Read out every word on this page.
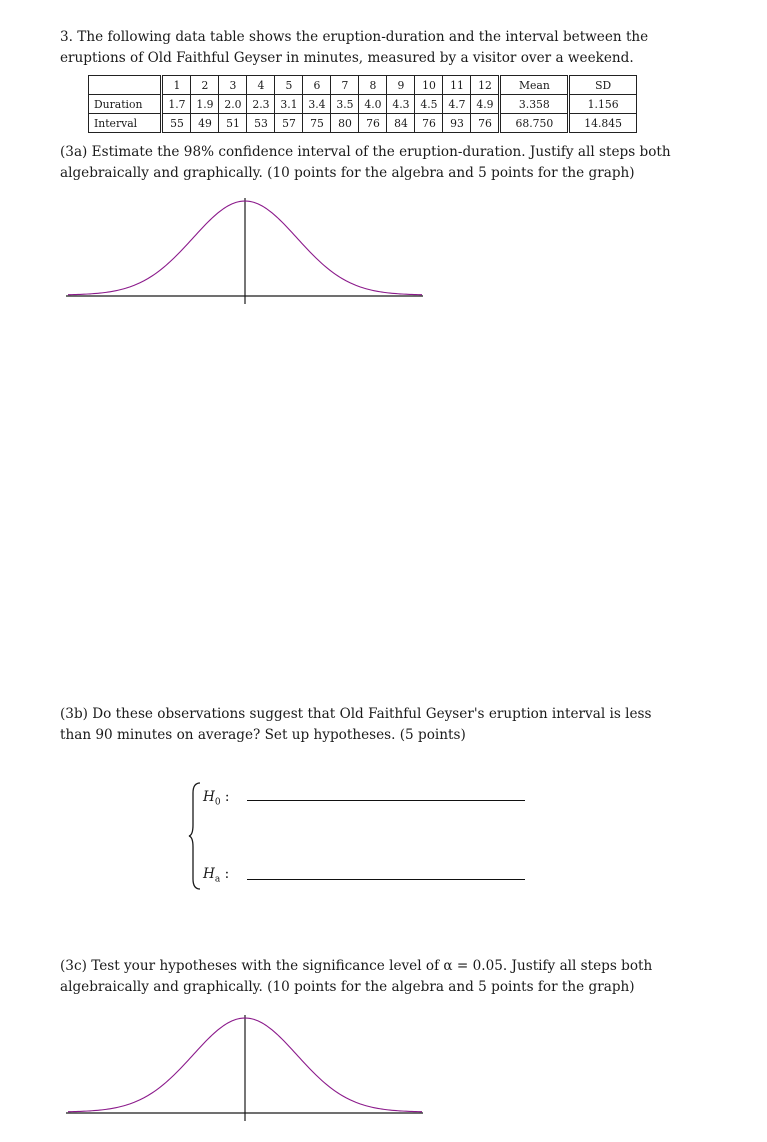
3. The following data table shows the eruption-duration and the interval between the eruptions of Old Faithful Geyser in minutes, measured by a visitor over a weekend.

	1	2	3	4	5	6	7	8	9	10	11	12	Mean	SD
Duration	1.7	1.9	2.0	2.3	3.1	3.4	3.5	4.0	4.3	4.5	4.7	4.9	3.358	1.156
Interval	55	49	51	53	57	75	80	76	84	76	93	76	68.750	14.845

(3a) Estimate the 98% confidence interval of the eruption-duration. Justify all steps both algebraically and graphically. (10 points for the algebra and 5 points for the graph)

(3b) Do these observations suggest that Old Faithful Geyser's eruption interval is less than 90 minutes on average? Set up hypotheses. (5 points)

$H_0$ :
$H_a$ :

(3c) Test your hypotheses with the significance level of α = 0.05. Justify all steps both algebraically and graphically. (10 points for the algebra and 5 points for the graph)
